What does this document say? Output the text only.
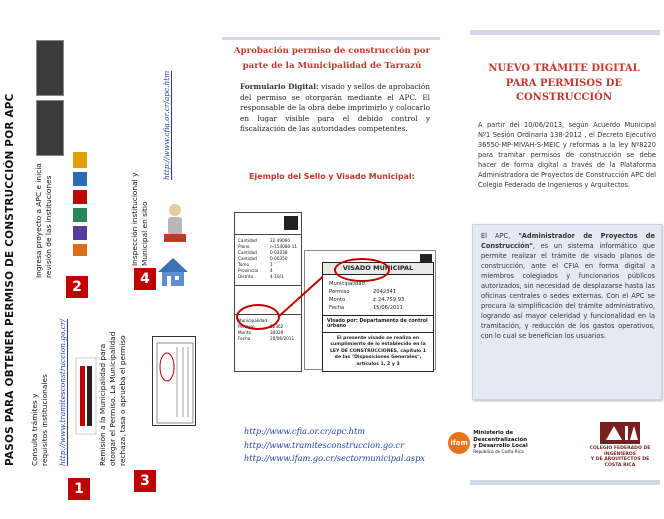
PASOS PARA OBTENER PERMISO DE CONSTRUCCIÓN POR APC
1
Consulta trámites y requisitos institucionales	http://www.tramitesconstruccion.go.cr/
2
Ingresa proyecto a APC e inicia revisión de las instituciones
3
Remisión a la Municipalidad para otorgar el Permiso. La Municipalidad rechaza, tasa o aprueba el permiso
4
Inspección institucional y Municipal en sitio
http://www.cfia.or.cr/apc.htm
Aprobación permiso de construcción por parte de la Municipalidad de Tarrazú
Formulario Digital: visado y sellos de aprobación del permiso se otorgarán mediante el APC. El responsable de la obra debe imprimirlo y colocarlo en lugar visible para el debido control y fiscalización de las autoridades competentes.
Ejemplo del Sello y Visado Municipal:
Cantidad	22 49060
Plano	n-154080-11
Cantidad	0-02038
Cantidad	0-00350
Tomo	1
Provincial	4
Distrito	4-10/3
Municipalidad
Permiso	02362
Monto	30029
Fecha	20/06/2011
VISADO MUNICIPAL
Municipalidad
Permiso	2042341
Monto	¢ 24.759.93
Fecha	15/06/2011
Visado por: Departamento de control urbano
El presente visado se realiza en cumplimiento de lo establecido en la LEY DE CONSTRUCCIONES, capítulo 1 de las "Disposiciones Generales", artículos 1, 2 y 3
http://www.cfia.or.cr/apc.htm
http://www.tramitesconstruccion.go.cr
http://www.ifam.go.cr/sectormunicipal.aspx
NUEVO TRÁMITE DIGITAL PARA PERMISOS DE CONSTRUCCIÓN
A partir del 10/06/2013, según Acuerdo Municipal Nº1 Sesión Ordinaria 138-2012 , el Decreto Ejecutivo 36550-MP-MIVAH-S-MEIC y reformas a la ley Nº8220 para tramitar permisos de construcción se debe hacer de forma digital a través de la Plataforma Administradora de Proyectos de Construcción APC del Colegio Federado de Ingenieros y Arquitectos.
El APC, "Administrador de Proyectos de Construcción", es un sistema informático que permite realizar el trámite de visado planos de construcción, ante el CFIA en forma digital a miembros colegiados y funcionarios públicos autorizados, sin necesidad de desplazarse hasta las oficinas centrales o sedes externas. Con el APC se procura la simplificación del trámite administrativo, logrando así mayor celeridad y funcionalidad en la tramitación, y reducción de los gastos operativos, con lo cual se benefician los usuarios.
ifam
Ministerio de Descentralización
y Desarrollo Local
República de Costa Rica
COLEGIO FEDERADO DE INGENIEROS
Y DE ARQUITECTOS DE COSTA RICA
